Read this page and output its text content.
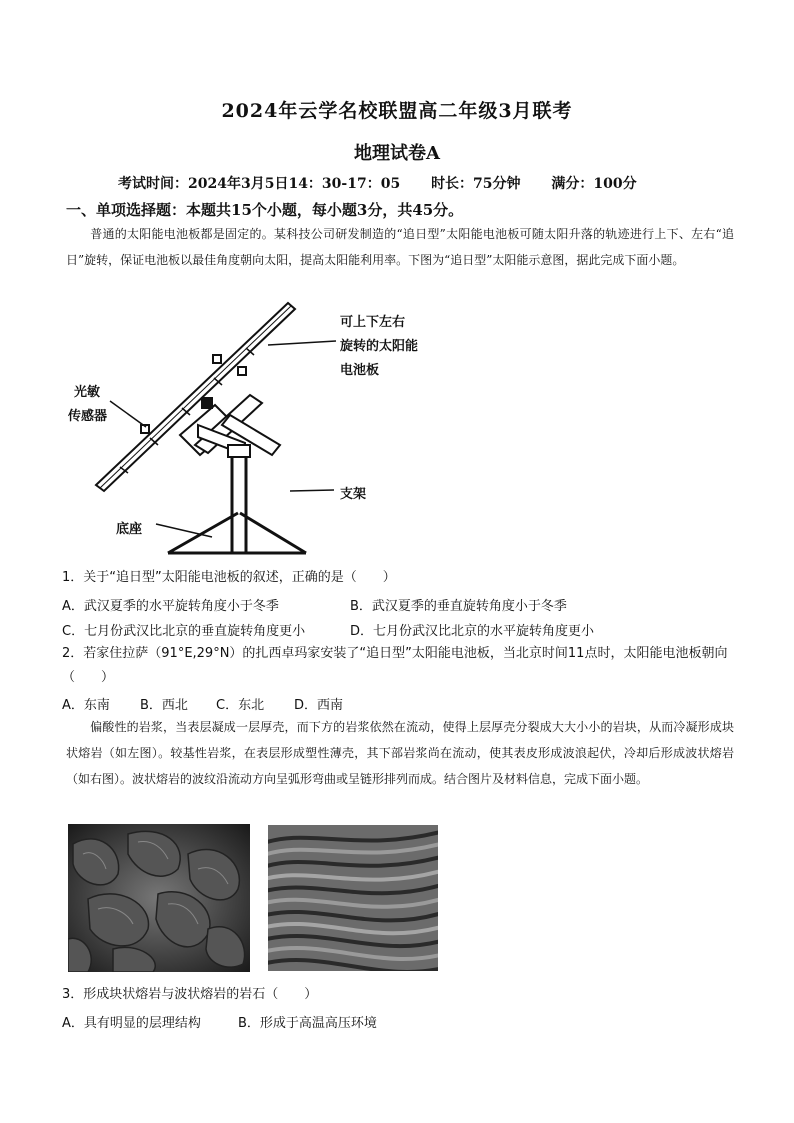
2024年云学名校联盟高二年级3月联考
地理试卷A
考试时间：2024年3月5日14：30-17：05 时长：75分钟 满分：100分
一、单项选择题：本题共15个小题，每小题3分，共45分。
普通的太阳能电池板都是固定的。某科技公司研发制造的“追日型”太阳能电池板可随太阳升落的轨迹进行上下、左右“追日”旋转，保证电池板以最佳角度朝向太阳，提高太阳能利用率。下图为“追日型”太阳能示意图，据此完成下面小题。
可上下左右
旋转的太阳能
电池板
光敏
传感器
支架
底座
1．关于“追日型”太阳能电池板的叙述，正确的是（　　）
A．武汉夏季的水平旋转角度小于冬季	B．武汉夏季的垂直旋转角度小于冬季
C．七月份武汉比北京的垂直旋转角度更小	D．七月份武汉比北京的水平旋转角度更小
2．若家住拉萨（91°E,29°N）的扎西卓玛家安装了“追日型”太阳能电池板，当北京时间11点时，太阳能电池板朝向（　　）
A．东南 B．西北 C．东北 D．西南
偏酸性的岩浆，当表层凝成一层厚壳，而下方的岩浆依然在流动，使得上层厚壳分裂成大大小小的岩块，从而冷凝形成块状熔岩（如左图）。较基性岩浆，在表层形成塑性薄壳，其下部岩浆尚在流动，使其表皮形成波浪起伏，冷却后形成波状熔岩（如右图）。波状熔岩的波纹沿流动方向呈弧形弯曲或呈链形排列而成。结合图片及材料信息，完成下面小题。
3．形成块状熔岩与波状熔岩的岩石（　　）
A．具有明显的层理结构	B．形成于高温高压环境
